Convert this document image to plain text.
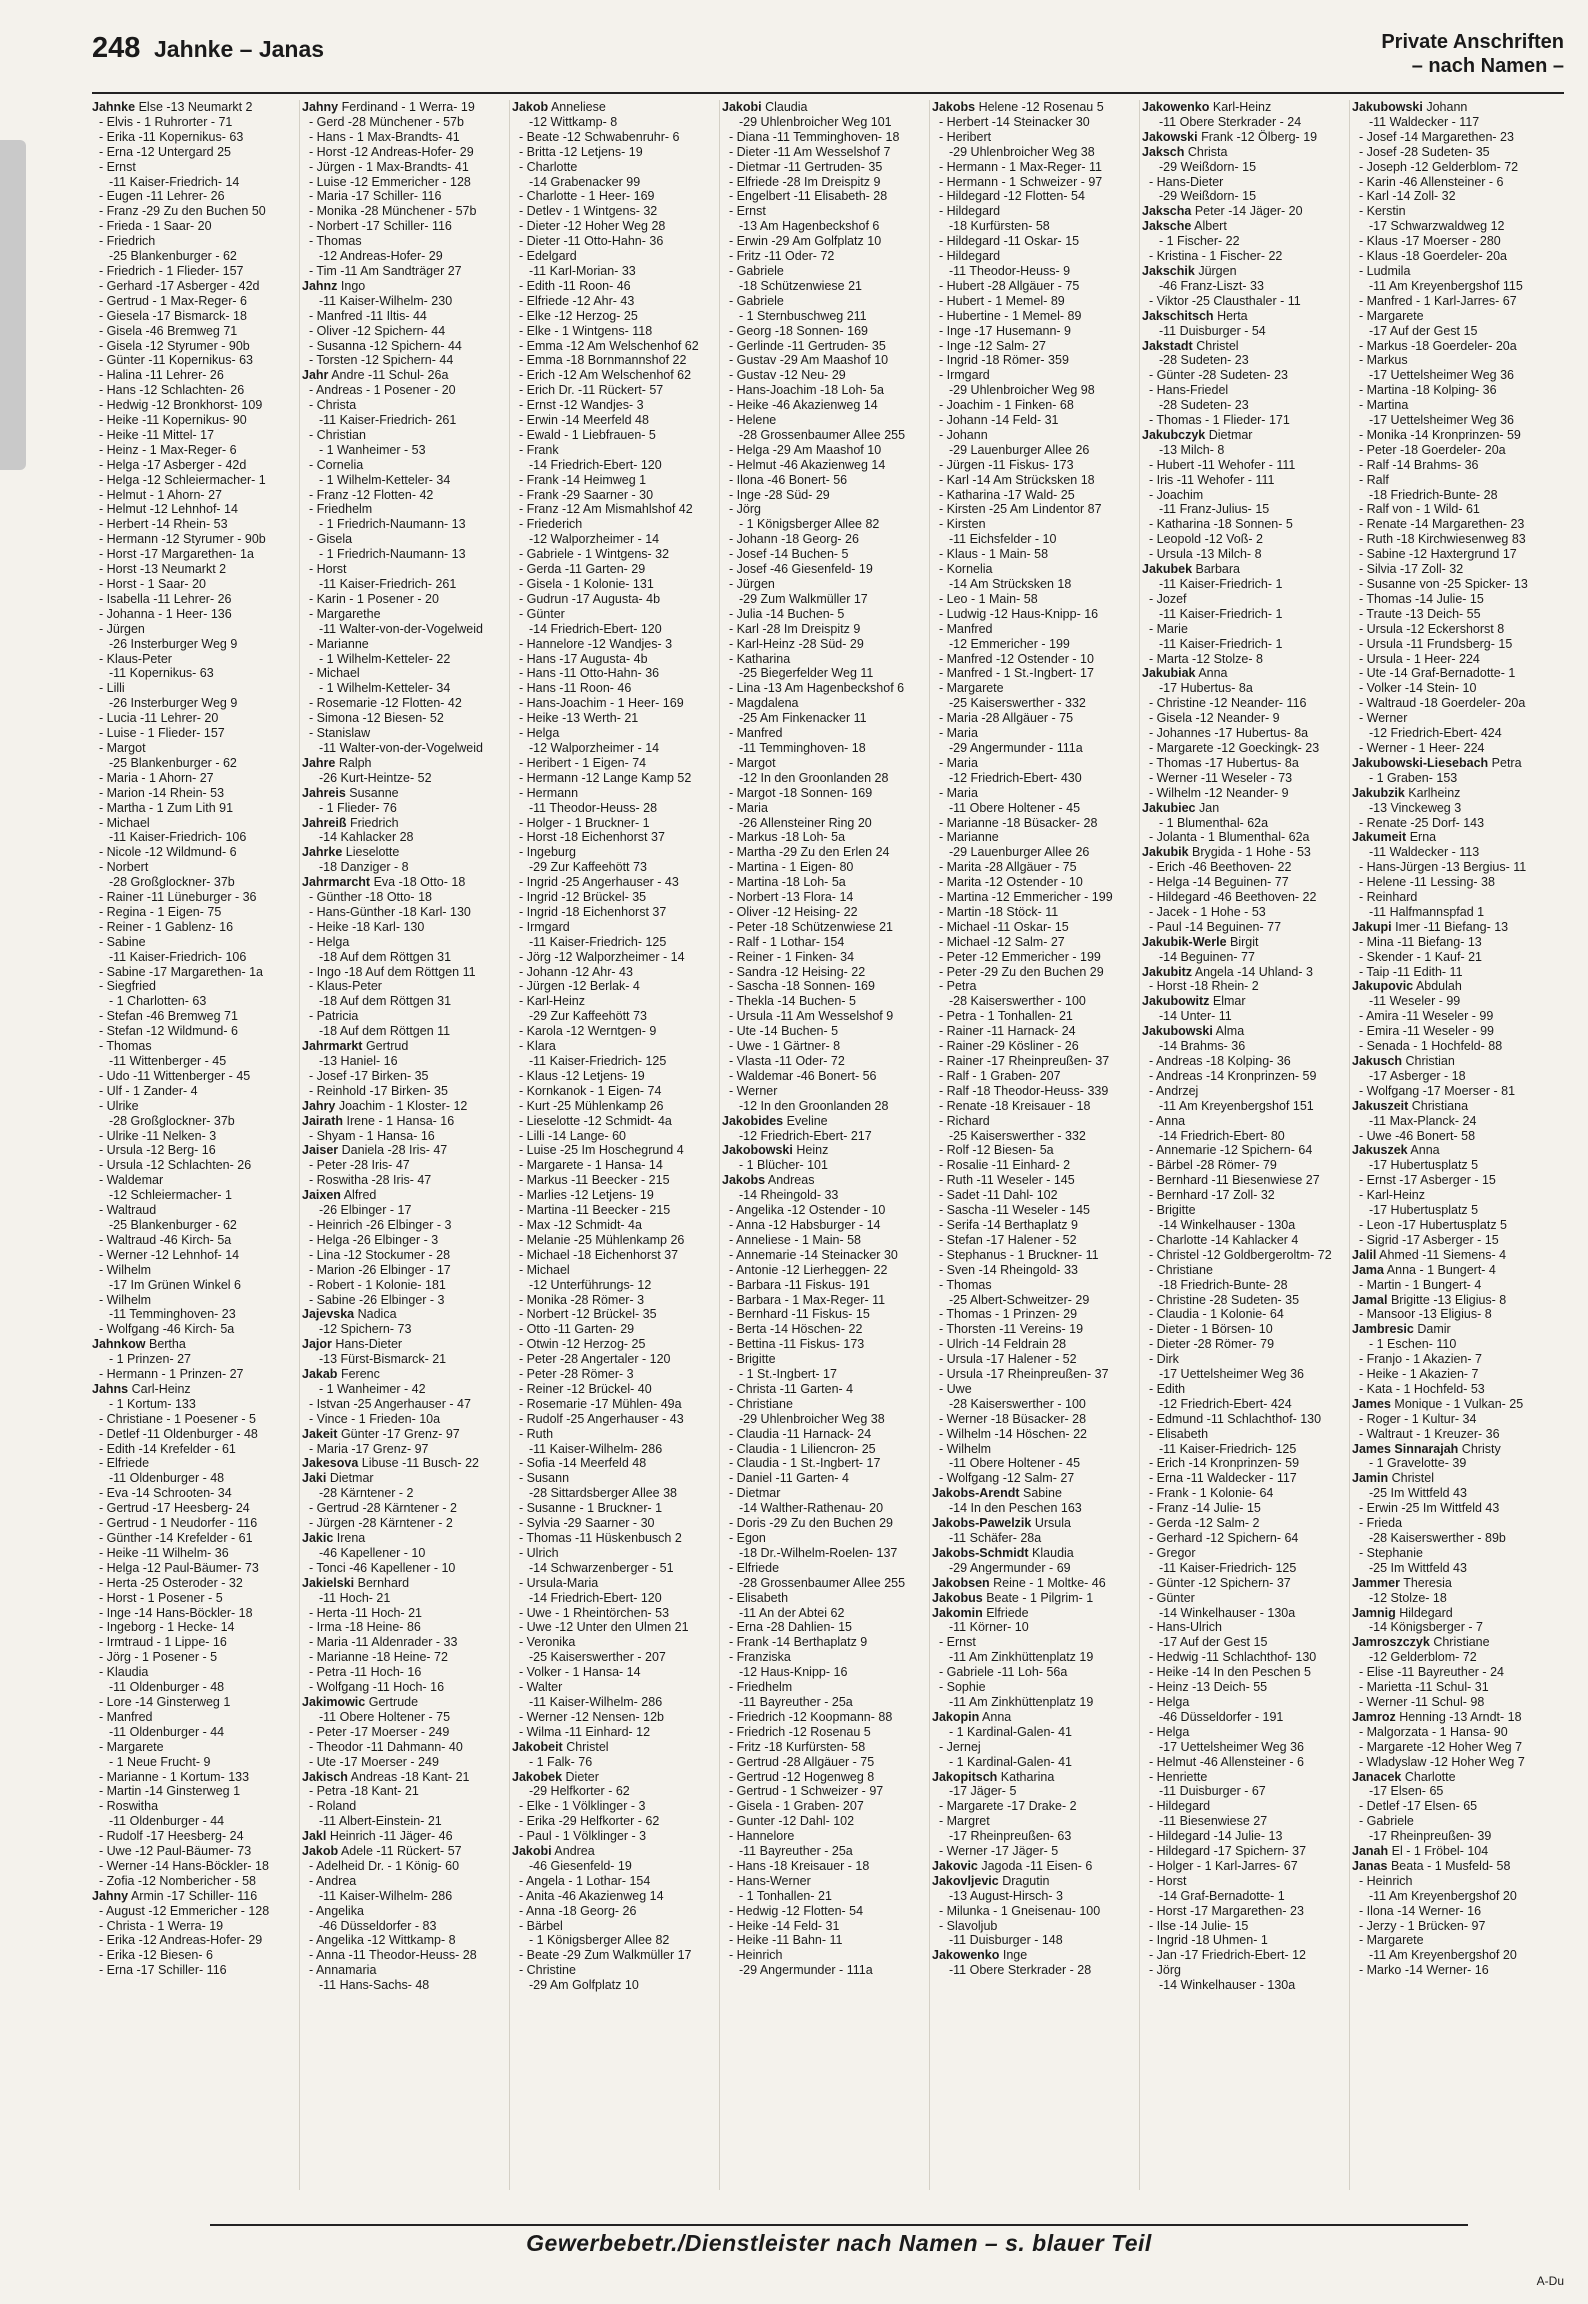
248 Jahnke – Janas	Private Anschriften
– nach Namen –
Jahnke Else -13 Neumarkt 2
- Elvis - 1 Ruhrorter - 71
- Erika -11 Kopernikus- 63
- Erna -12 Untergard 25
- Ernst
-11 Kaiser-Friedrich- 14
- Eugen -11 Lehrer- 26
- Franz -29 Zu den Buchen 50
- Frieda - 1 Saar- 20
- Friedrich
-25 Blankenburger - 62
- Friedrich - 1 Flieder- 157
- Gerhard -17 Asberger - 42d
- Gertrud - 1 Max-Reger- 6
- Giesela -17 Bismarck- 18
- Gisela -46 Bremweg 71
- Gisela -12 Styrumer - 90b
- Günter -11 Kopernikus- 63
- Halina -11 Lehrer- 26
- Hans -12 Schlachten- 26
- Hedwig -12 Bronkhorst- 109
- Heike -11 Kopernikus- 90
- Heike -11 Mittel- 17
- Heinz - 1 Max-Reger- 6
- Helga -17 Asberger - 42d
- Helga -12 Schleiermacher- 1
- Helmut - 1 Ahorn- 27
- Helmut -12 Lehnhof- 14
- Herbert -14 Rhein- 53
- Hermann -12 Styrumer - 90b
- Horst -17 Margarethen- 1a
- Horst -13 Neumarkt 2
- Horst - 1 Saar- 20
- Isabella -11 Lehrer- 26
- Johanna - 1 Heer- 136
- Jürgen
-26 Insterburger Weg 9
- Klaus-Peter
-11 Kopernikus- 63
- Lilli
-26 Insterburger Weg 9
- Lucia -11 Lehrer- 20
- Luise - 1 Flieder- 157
- Margot
-25 Blankenburger - 62
- Maria - 1 Ahorn- 27
- Marion -14 Rhein- 53
- Martha - 1 Zum Lith 91
- Michael
-11 Kaiser-Friedrich- 106
- Nicole -12 Wildmund- 6
- Norbert
-28 Großglockner- 37b
- Rainer -11 Lüneburger - 36
- Regina - 1 Eigen- 75
- Reiner - 1 Gablenz- 16
- Sabine
-11 Kaiser-Friedrich- 106
- Sabine -17 Margarethen- 1a
- Siegfried
- 1 Charlotten- 63
- Stefan -46 Bremweg 71
- Stefan -12 Wildmund- 6
- Thomas
-11 Wittenberger - 45
- Udo -11 Wittenberger - 45
- Ulf - 1 Zander- 4
- Ulrike
-28 Großglockner- 37b
- Ulrike -11 Nelken- 3
- Ursula -12 Berg- 16
- Ursula -12 Schlachten- 26
- Waldemar
-12 Schleiermacher- 1
- Waltraud
-25 Blankenburger - 62
- Waltraud -46 Kirch- 5a
- Werner -12 Lehnhof- 14
- Wilhelm
-17 Im Grünen Winkel 6
- Wilhelm
-11 Temminghoven- 23
- Wolfgang -46 Kirch- 5a
Jahnkow Bertha
- 1 Prinzen- 27
- Hermann - 1 Prinzen- 27
Jahns Carl-Heinz
- 1 Kortum- 133
- Christiane - 1 Poesener - 5
- Detlef -11 Oldenburger - 48
- Edith -14 Krefelder - 61
- Elfriede
-11 Oldenburger - 48
- Eva -14 Schrooten- 34
- Gertrud -17 Heesberg- 24
- Gertrud - 1 Neudorfer - 116
- Günther -14 Krefelder - 61
- Heike -11 Wilhelm- 36
- Helga -12 Paul-Bäumer- 73
- Herta -25 Osteroder - 32
- Horst - 1 Posener - 5
- Inge -14 Hans-Böckler- 18
- Ingeborg - 1 Hecke- 14
- Irmtraud - 1 Lippe- 16
- Jörg - 1 Posener - 5
- Klaudia
-11 Oldenburger - 48
- Lore -14 Ginsterweg 1
- Manfred
-11 Oldenburger - 44
- Margarete
- 1 Neue Frucht- 9
- Marianne - 1 Kortum- 133
- Martin -14 Ginsterweg 1
- Roswitha
-11 Oldenburger - 44
- Rudolf -17 Heesberg- 24
- Uwe -12 Paul-Bäumer- 73
- Werner -14 Hans-Böckler- 18
- Zofia -12 Nombericher - 58
Jahny Armin -17 Schiller- 116
- August -12 Emmericher - 128
- Christa - 1 Werra- 19
- Erika -12 Andreas-Hofer- 29
- Erika -12 Biesen- 6
- Erna -17 Schiller- 116
Jahny Ferdinand - 1 Werra- 19
- Gerd -28 Münchener - 57b
- Hans - 1 Max-Brandts- 41
- Horst -12 Andreas-Hofer- 29
- Jürgen - 1 Max-Brandts- 41
- Luise -12 Emmericher - 128
- Maria -17 Schiller- 116
- Monika -28 Münchener - 57b
- Norbert -17 Schiller- 116
- Thomas
-12 Andreas-Hofer- 29
- Tim -11 Am Sandträger 27
Jahnz Ingo
-11 Kaiser-Wilhelm- 230
- Manfred -11 Iltis- 44
- Oliver -12 Spichern- 44
- Susanna -12 Spichern- 44
- Torsten -12 Spichern- 44
Jahr Andre -11 Schul- 26a
- Andreas - 1 Posener - 20
- Christa
-11 Kaiser-Friedrich- 261
- Christian
- 1 Wanheimer - 53
- Cornelia
- 1 Wilhelm-Ketteler- 34
- Franz -12 Flotten- 42
- Friedhelm
- 1 Friedrich-Naumann- 13
- Gisela
- 1 Friedrich-Naumann- 13
- Horst
-11 Kaiser-Friedrich- 261
- Karin - 1 Posener - 20
- Margarethe
-11 Walter-von-der-Vogelweid
- Marianne
- 1 Wilhelm-Ketteler- 22
- Michael
- 1 Wilhelm-Ketteler- 34
- Rosemarie -12 Flotten- 42
- Simona -12 Biesen- 52
- Stanislaw
-11 Walter-von-der-Vogelweid
Jahre Ralph
-26 Kurt-Heintze- 52
Jahreis Susanne
- 1 Flieder- 76
Jahreiß Friedrich
-14 Kahlacker 28
Jahrke Lieselotte
-18 Danziger - 8
Jahrmarcht Eva -18 Otto- 18
- Günther -18 Otto- 18
- Hans-Günther -18 Karl- 130
- Heike -18 Karl- 130
- Helga
-18 Auf dem Röttgen 31
- Ingo -18 Auf dem Röttgen 11
- Klaus-Peter
-18 Auf dem Röttgen 31
- Patricia
-18 Auf dem Röttgen 11
Jahrmarkt Gertrud
-13 Haniel- 16
- Josef -17 Birken- 35
- Reinhold -17 Birken- 35
Jahry Joachim - 1 Kloster- 12
Jairath Irene - 1 Hansa- 16
- Shyam - 1 Hansa- 16
Jaiser Daniela -28 Iris- 47
- Peter -28 Iris- 47
- Roswitha -28 Iris- 47
Jaixen Alfred
-26 Elbinger - 17
- Heinrich -26 Elbinger - 3
- Helga -26 Elbinger - 3
- Lina -12 Stockumer - 28
- Marion -26 Elbinger - 17
- Robert - 1 Kolonie- 181
- Sabine -26 Elbinger - 3
Jajevska Nadica
-12 Spichern- 73
Jajor Hans-Dieter
-13 Fürst-Bismarck- 21
Jakab Ferenc
- 1 Wanheimer - 42
- Istvan -25 Angerhauser - 47
- Vince - 1 Frieden- 10a
Jakeit Günter -17 Grenz- 97
- Maria -17 Grenz- 97
Jakesova Libuse -11 Busch- 22
Jaki Dietmar
-28 Kärntener - 2
- Gertrud -28 Kärntener - 2
- Jürgen -28 Kärntener - 2
Jakic Irena
-46 Kapellener - 10
- Tonci -46 Kapellener - 10
Jakielski Bernhard
-11 Hoch- 21
- Herta -11 Hoch- 21
- Irma -18 Heine- 86
- Maria -11 Aldenrader - 33
- Marianne -18 Heine- 72
- Petra -11 Hoch- 16
- Wolfgang -11 Hoch- 16
Jakimowic Gertrude
-11 Obere Holtener - 75
- Peter -17 Moerser - 249
- Theodor -11 Dahmann- 40
- Ute -17 Moerser - 249
Jakisch Andreas -18 Kant- 21
- Petra -18 Kant- 21
- Roland
-11 Albert-Einstein- 21
Jakl Heinrich -11 Jäger- 46
Jakob Adele -11 Rückert- 57
- Adelheid Dr. - 1 König- 60
- Andrea
-11 Kaiser-Wilhelm- 286
- Angelika
-46 Düsseldorfer - 83
- Angelika -12 Wittkamp- 8
- Anna -11 Theodor-Heuss- 28
- Annamaria
-11 Hans-Sachs- 48
Jakob Anneliese
-12 Wittkamp- 8
- Beate -12 Schwabenruhr- 6
- Britta -12 Letjens- 19
- Charlotte
-14 Grabenacker 99
- Charlotte - 1 Heer- 169
- Detlev - 1 Wintgens- 32
- Dieter -12 Hoher Weg 28
- Dieter -11 Otto-Hahn- 36
- Edelgard
-11 Karl-Morian- 33
- Edith -11 Roon- 46
- Elfriede -12 Ahr- 43
- Elke -12 Herzog- 25
- Elke - 1 Wintgens- 118
- Emma -12 Am Welschenhof 62
- Emma -18 Bornmannshof 22
- Erich -12 Am Welschenhof 62
- Erich Dr. -11 Rückert- 57
- Ernst -12 Wandjes- 3
- Erwin -14 Meerfeld 48
- Ewald - 1 Liebfrauen- 5
- Frank
-14 Friedrich-Ebert- 120
- Frank -14 Heimweg 1
- Frank -29 Saarner - 30
- Franz -12 Am Mismahlshof 42
- Friederich
-12 Walporzheimer - 14
- Gabriele - 1 Wintgens- 32
- Gerda -11 Garten- 29
- Gisela - 1 Kolonie- 131
- Gudrun -17 Augusta- 4b
- Günter
-14 Friedrich-Ebert- 120
- Hannelore -12 Wandjes- 3
- Hans -17 Augusta- 4b
- Hans -11 Otto-Hahn- 36
- Hans -11 Roon- 46
- Hans-Joachim - 1 Heer- 169
- Heike -13 Werth- 21
- Helga
-12 Walporzheimer - 14
- Heribert - 1 Eigen- 74
- Hermann -12 Lange Kamp 52
- Hermann
-11 Theodor-Heuss- 28
- Holger - 1 Bruckner- 1
- Horst -18 Eichenhorst 37
- Ingeburg
-29 Zur Kaffeehött 73
- Ingrid -25 Angerhauser - 43
- Ingrid -12 Brückel- 35
- Ingrid -18 Eichenhorst 37
- Irmgard
-11 Kaiser-Friedrich- 125
- Jörg -12 Walporzheimer - 14
- Johann -12 Ahr- 43
- Jürgen -12 Berlak- 4
- Karl-Heinz
-29 Zur Kaffeehött 73
- Karola -12 Werntgen- 9
- Klara
-11 Kaiser-Friedrich- 125
- Klaus -12 Letjens- 19
- Kornkanok - 1 Eigen- 74
- Kurt -25 Mühlenkamp 26
- Lieselotte -12 Schmidt- 4a
- Lilli -14 Lange- 60
- Luise -25 Im Hoschegrund 4
- Margarete - 1 Hansa- 14
- Markus -11 Beecker - 215
- Marlies -12 Letjens- 19
- Martina -11 Beecker - 215
- Max -12 Schmidt- 4a
- Melanie -25 Mühlenkamp 26
- Michael -18 Eichenhorst 37
- Michael
-12 Unterführungs- 12
- Monika -28 Römer- 3
- Norbert -12 Brückel- 35
- Otto -11 Garten- 29
- Otwin -12 Herzog- 25
- Peter -28 Angertaler - 120
- Peter -28 Römer- 3
- Reiner -12 Brückel- 40
- Rosemarie -17 Mühlen- 49a
- Rudolf -25 Angerhauser - 43
- Ruth
-11 Kaiser-Wilhelm- 286
- Sofia -14 Meerfeld 48
- Susann
-28 Sittardsberger Allee 38
- Susanne - 1 Bruckner- 1
- Sylvia -29 Saarner - 30
- Thomas -11 Hüskenbusch 2
- Ulrich
-14 Schwarzenberger - 51
- Ursula-Maria
-14 Friedrich-Ebert- 120
- Uwe - 1 Rheintörchen- 53
- Uwe -12 Unter den Ulmen 21
- Veronika
-25 Kaiserswerther - 207
- Volker - 1 Hansa- 14
- Walter
-11 Kaiser-Wilhelm- 286
- Werner -12 Nensen- 12b
- Wilma -11 Einhard- 12
Jakobeit Christel
- 1 Falk- 76
Jakobek Dieter
-29 Helfkorter - 62
- Elke - 1 Völklinger - 3
- Erika -29 Helfkorter - 62
- Paul - 1 Völklinger - 3
Jakobi Andrea
-46 Giesenfeld- 19
- Angela - 1 Lothar- 154
- Anita -46 Akazienweg 14
- Anna -18 Georg- 26
- Bärbel
- 1 Königsberger Allee 82
- Beate -29 Zum Walkmüller 17
- Christine
-29 Am Golfplatz 10
Jakobi Claudia
-29 Uhlenbroicher Weg 101
- Diana -11 Temminghoven- 18
- Dieter -11 Am Wesselshof 7
- Dietmar -11 Gertruden- 35
- Elfriede -28 Im Dreispitz 9
- Engelbert -11 Elisabeth- 28
- Ernst
-13 Am Hagenbeckshof 6
- Erwin -29 Am Golfplatz 10
- Fritz -11 Oder- 72
- Gabriele
-18 Schützenwiese 21
- Gabriele
- 1 Sternbuschweg 211
- Georg -18 Sonnen- 169
- Gerlinde -11 Gertruden- 35
- Gustav -29 Am Maashof 10
- Gustav -12 Neu- 29
- Hans-Joachim -18 Loh- 5a
- Heike -46 Akazienweg 14
- Helene
-28 Grossenbaumer Allee 255
- Helga -29 Am Maashof 10
- Helmut -46 Akazienweg 14
- Ilona -46 Bonert- 56
- Inge -28 Süd- 29
- Jörg
- 1 Königsberger Allee 82
- Johann -18 Georg- 26
- Josef -14 Buchen- 5
- Josef -46 Giesenfeld- 19
- Jürgen
-29 Zum Walkmüller 17
- Julia -14 Buchen- 5
- Karl -28 Im Dreispitz 9
- Karl-Heinz -28 Süd- 29
- Katharina
-25 Biegerfelder Weg 11
- Lina -13 Am Hagenbeckshof 6
- Magdalena
-25 Am Finkenacker 11
- Manfred
-11 Temminghoven- 18
- Margot
-12 In den Groonlanden 28
- Margot -18 Sonnen- 169
- Maria
-26 Allensteiner Ring 20
- Markus -18 Loh- 5a
- Martha -29 Zu den Erlen 24
- Martina - 1 Eigen- 80
- Martina -18 Loh- 5a
- Norbert -13 Flora- 14
- Oliver -12 Heising- 22
- Peter -18 Schützenwiese 21
- Ralf - 1 Lothar- 154
- Reiner - 1 Finken- 34
- Sandra -12 Heising- 22
- Sascha -18 Sonnen- 169
- Thekla -14 Buchen- 5
- Ursula -11 Am Wesselshof 9
- Ute -14 Buchen- 5
- Uwe - 1 Gärtner- 8
- Vlasta -11 Oder- 72
- Waldemar -46 Bonert- 56
- Werner
-12 In den Groonlanden 28
Jakobides Eveline
-12 Friedrich-Ebert- 217
Jakobowski Heinz
- 1 Blücher- 101
Jakobs Andreas
-14 Rheingold- 33
- Angelika -12 Ostender - 10
- Anna -12 Habsburger - 14
- Anneliese - 1 Main- 58
- Annemarie -14 Steinacker 30
- Antonie -12 Lierheggen- 22
- Barbara -11 Fiskus- 191
- Barbara - 1 Max-Reger- 11
- Bernhard -11 Fiskus- 15
- Berta -14 Höschen- 22
- Bettina -11 Fiskus- 173
- Brigitte
- 1 St.-Ingbert- 17
- Christa -11 Garten- 4
- Christiane
-29 Uhlenbroicher Weg 38
- Claudia -11 Harnack- 24
- Claudia - 1 Liliencron- 25
- Claudia - 1 St.-Ingbert- 17
- Daniel -11 Garten- 4
- Dietmar
-14 Walther-Rathenau- 20
- Doris -29 Zu den Buchen 29
- Egon
-18 Dr.-Wilhelm-Roelen- 137
- Elfriede
-28 Grossenbaumer Allee 255
- Elisabeth
-11 An der Abtei 62
- Erna -28 Dahlien- 15
- Frank -14 Berthaplatz 9
- Franziska
-12 Haus-Knipp- 16
- Friedhelm
-11 Bayreuther - 25a
- Friedrich -12 Koopmann- 88
- Friedrich -12 Rosenau 5
- Fritz -18 Kurfürsten- 58
- Gertrud -28 Allgäuer - 75
- Gertrud -12 Hogenweg 8
- Gertrud - 1 Schweizer - 97
- Gisela - 1 Graben- 207
- Gunter -12 Dahl- 102
- Hannelore
-11 Bayreuther - 25a
- Hans -18 Kreisauer - 18
- Hans-Werner
- 1 Tonhallen- 21
- Hedwig -12 Flotten- 54
- Heike -14 Feld- 31
- Heike -11 Bahn- 11
- Heinrich
-29 Angermunder - 111a
Jakobs Helene -12 Rosenau 5
- Herbert -14 Steinacker 30
- Heribert
-29 Uhlenbroicher Weg 38
- Hermann - 1 Max-Reger- 11
- Hermann - 1 Schweizer - 97
- Hildegard -12 Flotten- 54
- Hildegard
-18 Kurfürsten- 58
- Hildegard -11 Oskar- 15
- Hildegard
-11 Theodor-Heuss- 9
- Hubert -28 Allgäuer - 75
- Hubert - 1 Memel- 89
- Hubertine - 1 Memel- 89
- Inge -17 Husemann- 9
- Inge -12 Salm- 27
- Ingrid -18 Römer- 359
- Irmgard
-29 Uhlenbroicher Weg 98
- Joachim - 1 Finken- 68
- Johann -14 Feld- 31
- Johann
-29 Lauenburger Allee 26
- Jürgen -11 Fiskus- 173
- Karl -14 Am Strücksken 18
- Katharina -17 Wald- 25
- Kirsten -25 Am Lindentor 87
- Kirsten
-11 Eichsfelder - 10
- Klaus - 1 Main- 58
- Kornelia
-14 Am Strücksken 18
- Leo - 1 Main- 58
- Ludwig -12 Haus-Knipp- 16
- Manfred
-12 Emmericher - 199
- Manfred -12 Ostender - 10
- Manfred - 1 St.-Ingbert- 17
- Margarete
-25 Kaiserswerther - 332
- Maria -28 Allgäuer - 75
- Maria
-29 Angermunder - 111a
- Maria
-12 Friedrich-Ebert- 430
- Maria
-11 Obere Holtener - 45
- Marianne -18 Büsacker- 28
- Marianne
-29 Lauenburger Allee 26
- Marita -28 Allgäuer - 75
- Marita -12 Ostender - 10
- Martina -12 Emmericher - 199
- Martin -18 Stöck- 11
- Michael -11 Oskar- 15
- Michael -12 Salm- 27
- Peter -12 Emmericher - 199
- Peter -29 Zu den Buchen 29
- Petra
-28 Kaiserswerther - 100
- Petra - 1 Tonhallen- 21
- Rainer -11 Harnack- 24
- Rainer -29 Kösliner - 26
- Rainer -17 Rheinpreußen- 37
- Ralf - 1 Graben- 207
- Ralf -18 Theodor-Heuss- 339
- Renate -18 Kreisauer - 18
- Richard
-25 Kaiserswerther - 332
- Rolf -12 Biesen- 5a
- Rosalie -11 Einhard- 2
- Ruth -11 Weseler - 145
- Sadet -11 Dahl- 102
- Sascha -11 Weseler - 145
- Serifa -14 Berthaplatz 9
- Stefan -17 Halener - 52
- Stephanus - 1 Bruckner- 11
- Sven -14 Rheingold- 33
- Thomas
-25 Albert-Schweitzer- 29
- Thomas - 1 Prinzen- 29
- Thorsten -11 Vereins- 19
- Ulrich -14 Feldrain 28
- Ursula -17 Halener - 52
- Ursula -17 Rheinpreußen- 37
- Uwe
-28 Kaiserswerther - 100
- Werner -18 Büsacker- 28
- Wilhelm -14 Höschen- 22
- Wilhelm
-11 Obere Holtener - 45
- Wolfgang -12 Salm- 27
Jakobs-Arendt Sabine
-14 In den Peschen 163
Jakobs-Pawelzik Ursula
-11 Schäfer- 28a
Jakobs-Schmidt Klaudia
-29 Angermunder - 69
Jakobsen Reine - 1 Moltke- 46
Jakobus Beate - 1 Pilgrim- 1
Jakomin Elfriede
-11 Körner- 10
- Ernst
-11 Am Zinkhüttenplatz 19
- Gabriele -11 Loh- 56a
- Sophie
-11 Am Zinkhüttenplatz 19
Jakopin Anna
- 1 Kardinal-Galen- 41
- Jernej
- 1 Kardinal-Galen- 41
Jakopitsch Katharina
-17 Jäger- 5
- Margarete -17 Drake- 2
- Margret
-17 Rheinpreußen- 63
- Werner -17 Jäger- 5
Jakovic Jagoda -11 Eisen- 6
Jakovljevic Dragutin
-13 August-Hirsch- 3
- Milunka - 1 Gneisenau- 100
- Slavoljub
-11 Duisburger - 148
Jakowenko Inge
-11 Obere Sterkrader - 28
Jakowenko Karl-Heinz
-11 Obere Sterkrader - 24
Jakowski Frank -12 Ölberg- 19
Jaksch Christa
-29 Weißdorn- 15
- Hans-Dieter
-29 Weißdorn- 15
Jakscha Peter -14 Jäger- 20
Jaksche Albert
- 1 Fischer- 22
- Kristina - 1 Fischer- 22
Jakschik Jürgen
-46 Franz-Liszt- 33
- Viktor -25 Clausthaler - 11
Jakschitsch Herta
-11 Duisburger - 54
Jakstadt Christel
-28 Sudeten- 23
- Günter -28 Sudeten- 23
- Hans-Friedel
-28 Sudeten- 23
- Thomas - 1 Flieder- 171
Jakubczyk Dietmar
-13 Milch- 8
- Hubert -11 Wehofer - 111
- Iris -11 Wehofer - 111
- Joachim
-11 Franz-Julius- 15
- Katharina -18 Sonnen- 5
- Leopold -12 Voß- 2
- Ursula -13 Milch- 8
Jakubek Barbara
-11 Kaiser-Friedrich- 1
- Jozef
-11 Kaiser-Friedrich- 1
- Marie
-11 Kaiser-Friedrich- 1
- Marta -12 Stolze- 8
Jakubiak Anna
-17 Hubertus- 8a
- Christine -12 Neander- 116
- Gisela -12 Neander- 9
- Johannes -17 Hubertus- 8a
- Margarete -12 Goeckingk- 23
- Thomas -17 Hubertus- 8a
- Werner -11 Weseler - 73
- Wilhelm -12 Neander- 9
Jakubiec Jan
- 1 Blumenthal- 62a
- Jolanta - 1 Blumenthal- 62a
Jakubik Brygida - 1 Hohe - 53
- Erich -46 Beethoven- 22
- Helga -14 Beguinen- 77
- Hildegard -46 Beethoven- 22
- Jacek - 1 Hohe - 53
- Paul -14 Beguinen- 77
Jakubik-Werle Birgit
-14 Beguinen- 77
Jakubitz Angela -14 Uhland- 3
- Horst -18 Rhein- 2
Jakubowitz Elmar
-14 Unter- 11
Jakubowski Alma
-14 Brahms- 36
- Andreas -18 Kolping- 36
- Andreas -14 Kronprinzen- 59
- Andrzej
-11 Am Kreyenbergshof 151
- Anna
-14 Friedrich-Ebert- 80
- Annemarie -12 Spichern- 64
- Bärbel -28 Römer- 79
- Bernhard -11 Biesenwiese 27
- Bernhard -17 Zoll- 32
- Brigitte
-14 Winkelhauser - 130a
- Charlotte -14 Kahlacker 4
- Christel -12 Goldbergeroltm- 72
- Christiane
-18 Friedrich-Bunte- 28
- Christine -28 Sudeten- 35
- Claudia - 1 Kolonie- 64
- Dieter - 1 Börsen- 10
- Dieter -28 Römer- 79
- Dirk
-17 Uettelsheimer Weg 36
- Edith
-12 Friedrich-Ebert- 424
- Edmund -11 Schlachthof- 130
- Elisabeth
-11 Kaiser-Friedrich- 125
- Erich -14 Kronprinzen- 59
- Erna -11 Waldecker - 117
- Frank - 1 Kolonie- 64
- Franz -14 Julie- 15
- Gerda -12 Salm- 2
- Gerhard -12 Spichern- 64
- Gregor
-11 Kaiser-Friedrich- 125
- Günter -12 Spichern- 37
- Günter
-14 Winkelhauser - 130a
- Hans-Ulrich
-17 Auf der Gest 15
- Hedwig -11 Schlachthof- 130
- Heike -14 In den Peschen 5
- Heinz -13 Deich- 55
- Helga
-46 Düsseldorfer - 191
- Helga
-17 Uettelsheimer Weg 36
- Helmut -46 Allensteiner - 6
- Henriette
-11 Duisburger - 67
- Hildegard
-11 Biesenwiese 27
- Hildegard -14 Julie- 13
- Hildegard -17 Spichern- 37
- Holger - 1 Karl-Jarres- 67
- Horst
-14 Graf-Bernadotte- 1
- Horst -17 Margarethen- 23
- Ilse -14 Julie- 15
- Ingrid -18 Uhmen- 1
- Jan -17 Friedrich-Ebert- 12
- Jörg
-14 Winkelhauser - 130a
Jakubowski Johann
-11 Waldecker - 117
- Josef -14 Margarethen- 23
- Josef -28 Sudeten- 35
- Joseph -12 Gelderblom- 72
- Karin -46 Allensteiner - 6
- Karl -14 Zoll- 32
- Kerstin
-17 Schwarzwaldweg 12
- Klaus -17 Moerser - 280
- Klaus -18 Goerdeler- 20a
- Ludmila
-11 Am Kreyenbergshof 115
- Manfred - 1 Karl-Jarres- 67
- Margarete
-17 Auf der Gest 15
- Markus -18 Goerdeler- 20a
- Markus
-17 Uettelsheimer Weg 36
- Martina -18 Kolping- 36
- Martina
-17 Uettelsheimer Weg 36
- Monika -14 Kronprinzen- 59
- Peter -18 Goerdeler- 20a
- Ralf -14 Brahms- 36
- Ralf
-18 Friedrich-Bunte- 28
- Ralf von - 1 Wild- 61
- Renate -14 Margarethen- 23
- Ruth -18 Kirchwiesenweg 83
- Sabine -12 Haxtergrund 17
- Silvia -17 Zoll- 32
- Susanne von -25 Spicker- 13
- Thomas -14 Julie- 15
- Traute -13 Deich- 55
- Ursula -12 Eckershorst 8
- Ursula -11 Frundsberg- 15
- Ursula - 1 Heer- 224
- Ute -14 Graf-Bernadotte- 1
- Volker -14 Stein- 10
- Waltraud -18 Goerdeler- 20a
- Werner
-12 Friedrich-Ebert- 424
- Werner - 1 Heer- 224
Jakubowski-Liesebach Petra
- 1 Graben- 153
Jakubzik Karlheinz
-13 Vinckeweg 3
- Renate -25 Dorf- 143
Jakumeit Erna
-11 Waldecker - 113
- Hans-Jürgen -13 Bergius- 11
- Helene -11 Lessing- 38
- Reinhard
-11 Halfmannspfad 1
Jakupi Imer -11 Biefang- 13
- Mina -11 Biefang- 13
- Skender - 1 Kauf- 21
- Taip -11 Edith- 11
Jakupovic Abdulah
-11 Weseler - 99
- Amira -11 Weseler - 99
- Emira -11 Weseler - 99
- Senada - 1 Hochfeld- 88
Jakusch Christian
-17 Asberger - 18
- Wolfgang -17 Moerser - 81
Jakuszeit Christiana
-11 Max-Planck- 24
- Uwe -46 Bonert- 58
Jakuszek Anna
-17 Hubertusplatz 5
- Ernst -17 Asberger - 15
- Karl-Heinz
-17 Hubertusplatz 5
- Leon -17 Hubertusplatz 5
- Sigrid -17 Asberger - 15
Jalil Ahmed -11 Siemens- 4
Jama Anna - 1 Bungert- 4
- Martin - 1 Bungert- 4
Jamal Brigitte -13 Eligius- 8
- Mansoor -13 Eligius- 8
Jambresic Damir
- 1 Eschen- 110
- Franjo - 1 Akazien- 7
- Heike - 1 Akazien- 7
- Kata - 1 Hochfeld- 53
James Monique - 1 Vulkan- 25
- Roger - 1 Kultur- 34
- Waltraut - 1 Kreuzer- 36
James Sinnarajah Christy
- 1 Gravelotte- 39
Jamin Christel
-25 Im Wittfeld 43
- Erwin -25 Im Wittfeld 43
- Frieda
-28 Kaiserswerther - 89b
- Stephanie
-25 Im Wittfeld 43
Jammer Theresia
-12 Stolze- 18
Jamnig Hildegard
-14 Königsberger - 7
Jamroszczyk Christiane
-12 Gelderblom- 72
- Elise -11 Bayreuther - 24
- Marietta -11 Schul- 31
- Werner -11 Schul- 98
Jamroz Henning -13 Arndt- 18
- Malgorzata - 1 Hansa- 90
- Margarete -12 Hoher Weg 7
- Wladyslaw -12 Hoher Weg 7
Janacek Charlotte
-17 Elsen- 65
- Detlef -17 Elsen- 65
- Gabriele
-17 Rheinpreußen- 39
Janah El - 1 Fröbel- 104
Janas Beata - 1 Musfeld- 58
- Heinrich
-11 Am Kreyenbergshof 20
- Ilona -14 Werner- 16
- Jerzy - 1 Brücken- 97
- Margarete
-11 Am Kreyenbergshof 20
- Marko -14 Werner- 16
Gewerbebetr./Dienstleister nach Namen – s. blauer Teil
A-Du
